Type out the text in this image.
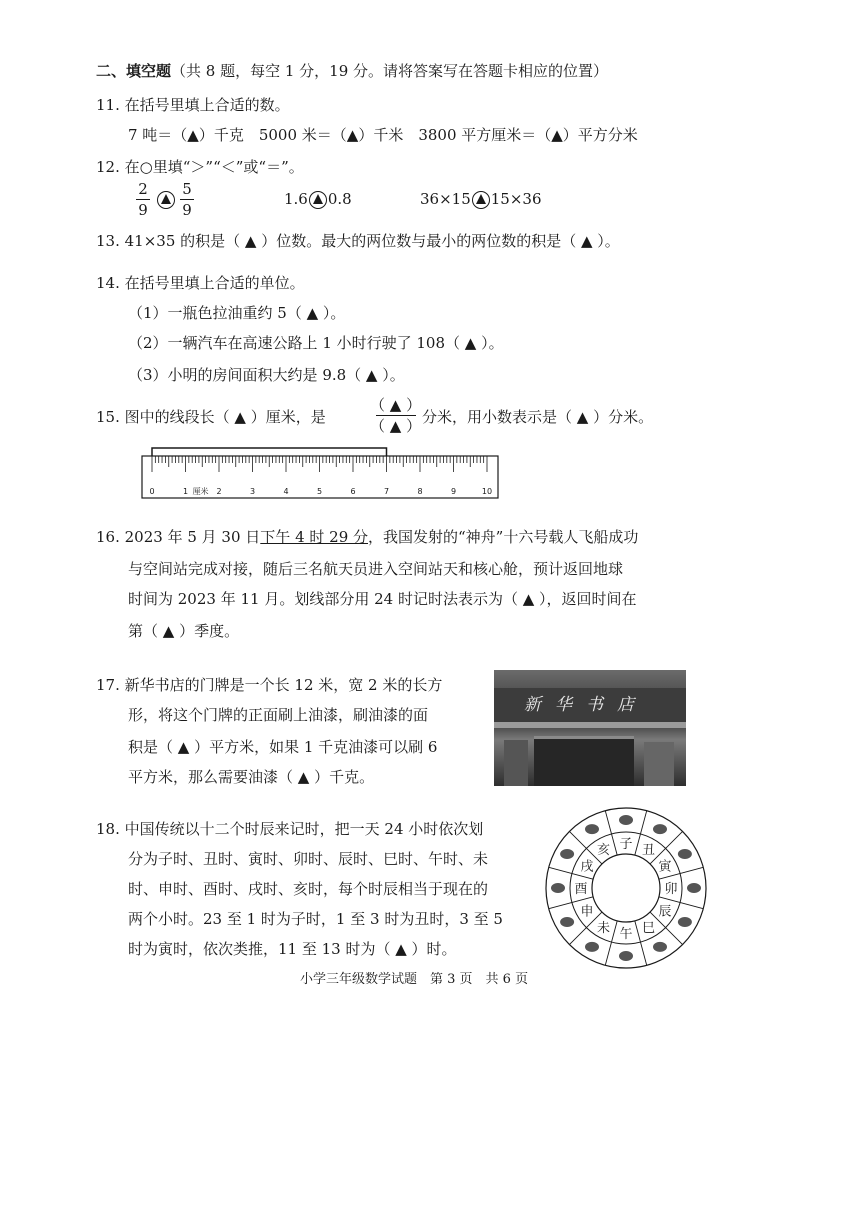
二、填空题（共 8 题，每空 1 分，19 分。请将答案写在答题卡相应的位置）
11. 在括号里填上合适的数。
7 吨＝（▲）千克　5000 米＝（▲）千米　3800 平方厘米＝（▲）平方分米
12. 在○里填“＞”“＜”或“＝”。
2
9
5
9
1.6 0.8	36×15 15×36
13. 41×35 的积是（ ▲ ）位数。最大的两位数与最小的两位数的积是（ ▲ ）。
14. 在括号里填上合适的单位。
（1）一瓶色拉油重约 5（ ▲ ）。
（2）一辆汽车在高速公路上 1 小时行驶了 108（ ▲ ）。
（3）小明的房间面积大约是 9.8（ ▲ ）。
15. 图中的线段长（ ▲ ）厘米，是
（ ▲ ）
（ ▲ ） 分米，用小数表示是（ ▲ ）分米。
0	1 厘米 2	3	4	5	6	7	8	9	10
16. 2023 年 5 月 30 日下午 4 时 29 分，我国发射的“神舟”十六号载人飞船成功
与空间站完成对接，随后三名航天员进入空间站天和核心舱，预计返回地球
时间为 2023 年 11 月。划线部分用 24 时记时法表示为（ ▲ ），返回时间在
第（ ▲ ）季度。
17. 新华书店的门牌是一个长 12 米，宽 2 米的长方
形，将这个门牌的正面刷上油漆，刷油漆的面
积是（ ▲ ）平方米，如果 1 千克油漆可以刷 6
平方米，那么需要油漆（ ▲ ）千克。
新华书店
18. 中国传统以十二个时辰来记时，把一天 24 小时依次划
分为子时、丑时、寅时、卯时、辰时、巳时、午时、未
时、申时、酉时、戌时、亥时，每个时辰相当于现在的
两个小时。23 至 1 时为子时，1 至 3 时为丑时，3 至 5
时为寅时，依次类推，11 至 13 时为（ ▲ ）时。
子 丑
寅
卯
辰
巳
午
未
申
酉
戌
亥
小学三年级数学试题　第 3 页　共 6 页
